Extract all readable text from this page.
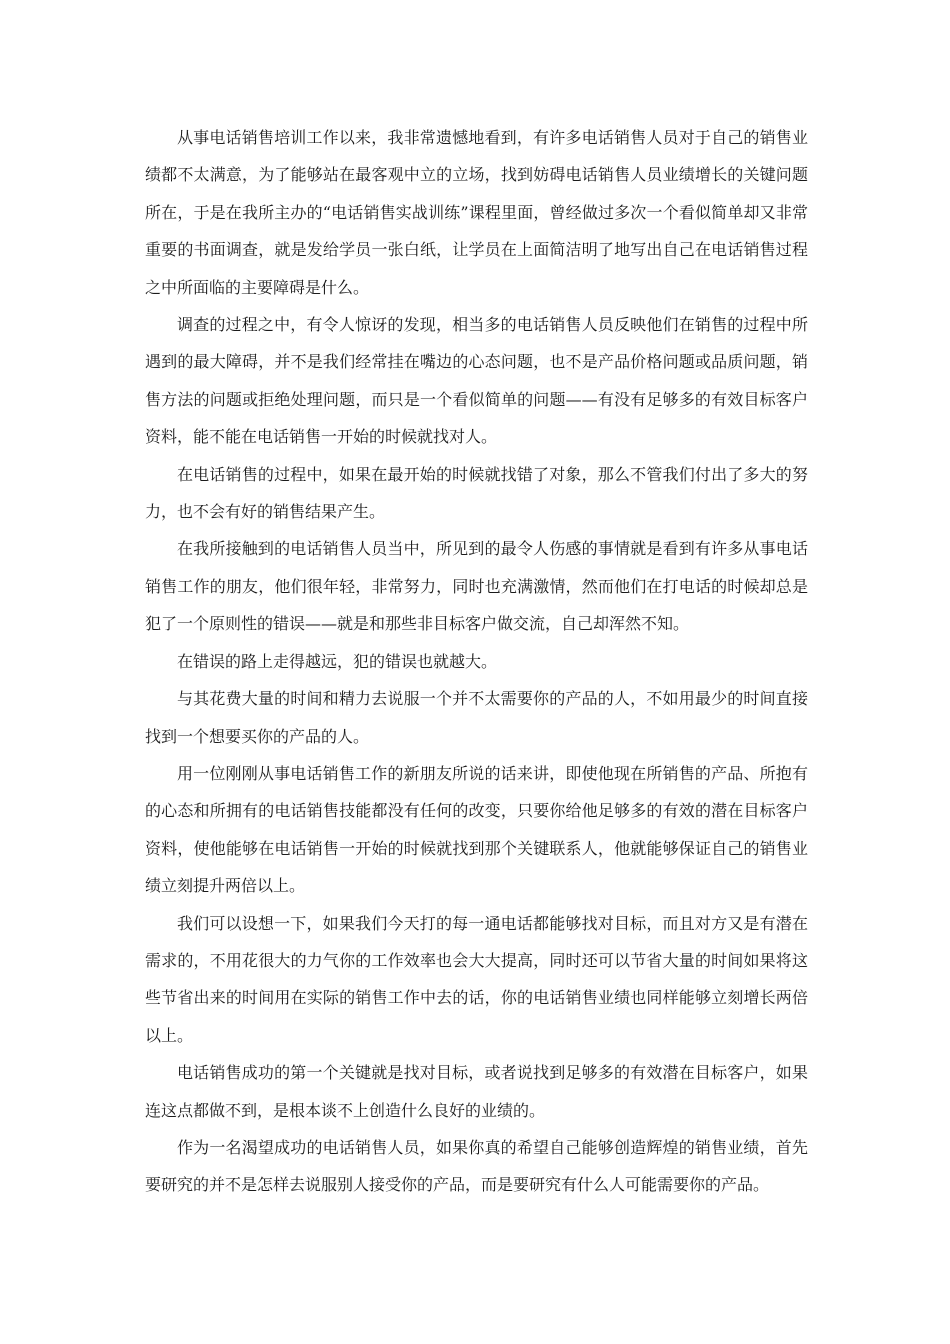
从事电话销售培训工作以来，我非常遗憾地看到，有许多电话销售人员对于自己的销售业绩都不太满意，为了能够站在最客观中立的立场，找到妨碍电话销售人员业绩增长的关键问题所在，于是在我所主办的“电话销售实战训练”课程里面，曾经做过多次一个看似简单却又非常重要的书面调查，就是发给学员一张白纸，让学员在上面简洁明了地写出自己在电话销售过程之中所面临的主要障碍是什么。

调查的过程之中，有令人惊讶的发现，相当多的电话销售人员反映他们在销售的过程中所遇到的最大障碍，并不是我们经常挂在嘴边的心态问题，也不是产品价格问题或品质问题，销售方法的问题或拒绝处理问题，而只是一个看似简单的问题——有没有足够多的有效目标客户资料，能不能在电话销售一开始的时候就找对人。

在电话销售的过程中，如果在最开始的时候就找错了对象，那么不管我们付出了多大的努力，也不会有好的销售结果产生。

在我所接触到的电话销售人员当中，所见到的最令人伤感的事情就是看到有许多从事电话销售工作的朋友，他们很年轻，非常努力，同时也充满激情，然而他们在打电话的时候却总是犯了一个原则性的错误——就是和那些非目标客户做交流，自己却浑然不知。

在错误的路上走得越远，犯的错误也就越大。

与其花费大量的时间和精力去说服一个并不太需要你的产品的人，不如用最少的时间直接找到一个想要买你的产品的人。

用一位刚刚从事电话销售工作的新朋友所说的话来讲，即使他现在所销售的产品、所抱有的心态和所拥有的电话销售技能都没有任何的改变，只要你给他足够多的有效的潜在目标客户资料，使他能够在电话销售一开始的时候就找到那个关键联系人，他就能够保证自己的销售业绩立刻提升两倍以上。

我们可以设想一下，如果我们今天打的每一通电话都能够找对目标，而且对方又是有潜在需求的，不用花很大的力气你的工作效率也会大大提高，同时还可以节省大量的时间如果将这些节省出来的时间用在实际的销售工作中去的话，你的电话销售业绩也同样能够立刻增长两倍以上。

电话销售成功的第一个关键就是找对目标，或者说找到足够多的有效潜在目标客户，如果连这点都做不到，是根本谈不上创造什么良好的业绩的。

作为一名渴望成功的电话销售人员，如果你真的希望自己能够创造辉煌的销售业绩，首先要研究的并不是怎样去说服别人接受你的产品，而是要研究有什么人可能需要你的产品。
